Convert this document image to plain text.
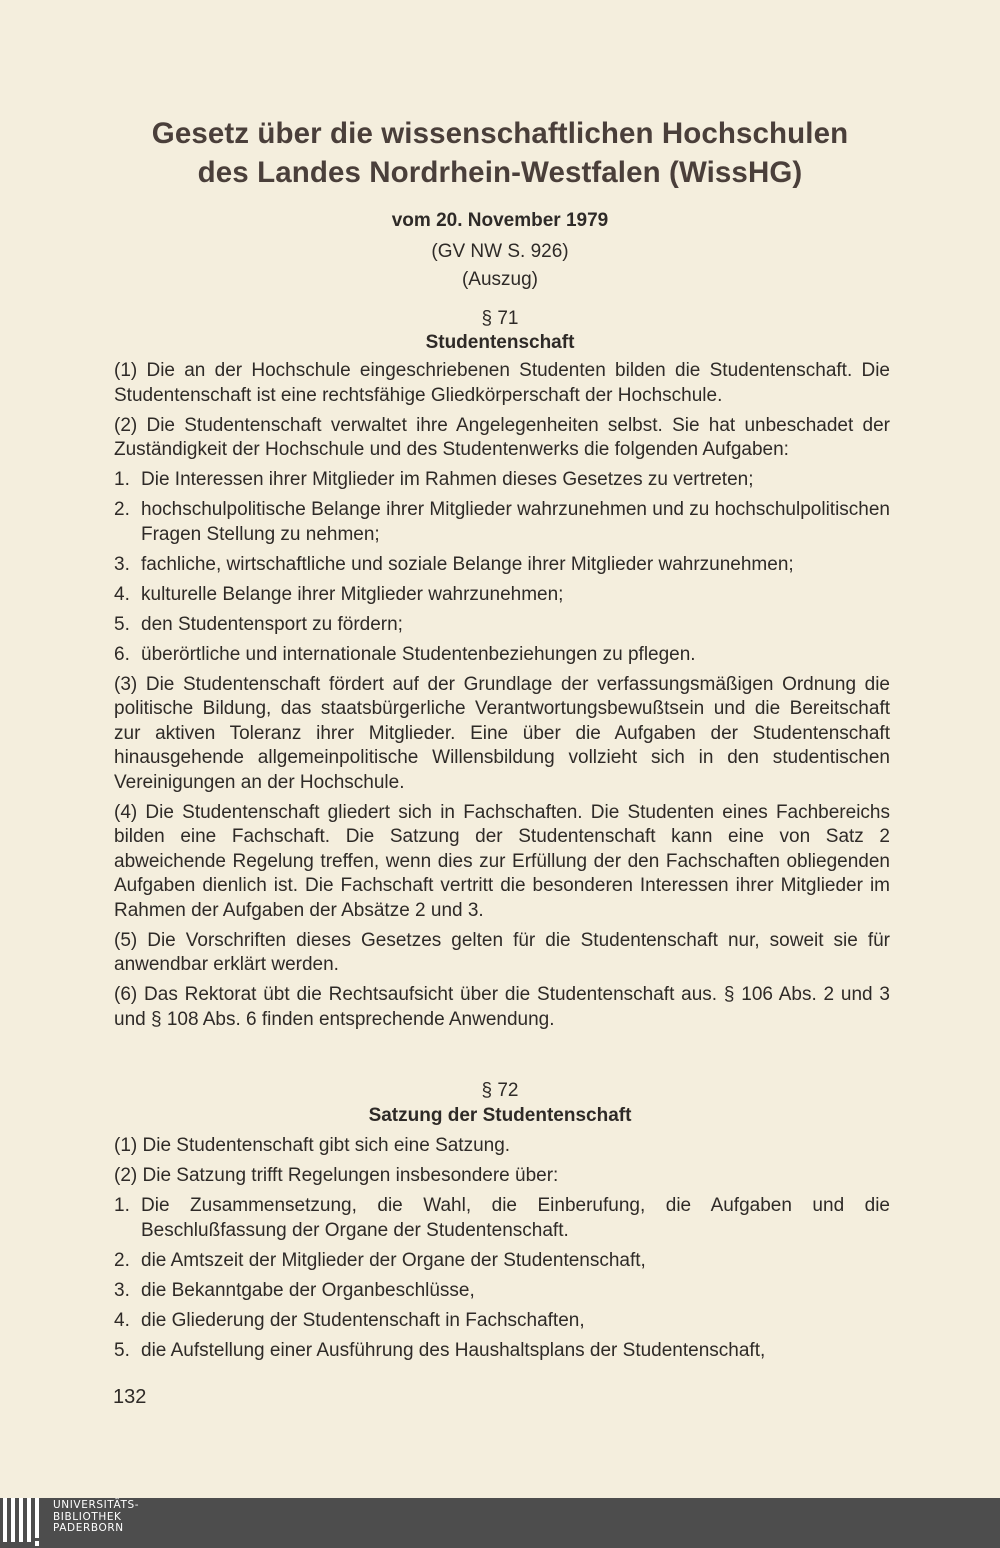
Gesetz über die wissenschaftlichen Hochschulen
des Landes Nordrhein-Westfalen (WissHG)
vom 20. November 1979
(GV NW S. 926)
(Auszug)
§ 71
Studentenschaft

(1) Die an der Hochschule eingeschriebenen Studenten bilden die Studentenschaft. Die Studentenschaft ist eine rechtsfähige Gliedkörperschaft der Hochschule.

(2) Die Studentenschaft verwaltet ihre Angelegenheiten selbst. Sie hat unbeschadet der Zuständigkeit der Hochschule und des Studentenwerks die folgenden Aufgaben:

1. Die Interessen ihrer Mitglieder im Rahmen dieses Gesetzes zu vertreten;
2. hochschulpolitische Belange ihrer Mitglieder wahrzunehmen und zu hochschulpolitischen Fragen Stellung zu nehmen;
3. fachliche, wirtschaftliche und soziale Belange ihrer Mitglieder wahrzunehmen;
4. kulturelle Belange ihrer Mitglieder wahrzunehmen;
5. den Studentensport zu fördern;
6. überörtliche und internationale Studentenbeziehungen zu pflegen.

(3) Die Studentenschaft fördert auf der Grundlage der verfassungsmäßigen Ordnung die politische Bildung, das staatsbürgerliche Verantwortungsbewußtsein und die Bereitschaft zur aktiven Toleranz ihrer Mitglieder. Eine über die Aufgaben der Studentenschaft hinausgehende allgemeinpolitische Willensbildung vollzieht sich in den studentischen Vereinigungen an der Hochschule.

(4) Die Studentenschaft gliedert sich in Fachschaften. Die Studenten eines Fachbereichs bilden eine Fachschaft. Die Satzung der Studentenschaft kann eine von Satz 2 abweichende Regelung treffen, wenn dies zur Erfüllung der den Fachschaften obliegenden Aufgaben dienlich ist. Die Fachschaft vertritt die besonderen Interessen ihrer Mitglieder im Rahmen der Aufgaben der Absätze 2 und 3.

(5) Die Vorschriften dieses Gesetzes gelten für die Studentenschaft nur, soweit sie für anwendbar erklärt werden.

(6) Das Rektorat übt die Rechtsaufsicht über die Studentenschaft aus. § 106 Abs. 2 und 3 und § 108 Abs. 6 finden entsprechende Anwendung.

§ 72
Satzung der Studentenschaft

(1) Die Studentenschaft gibt sich eine Satzung.

(2) Die Satzung trifft Regelungen insbesondere über:

1. Die Zusammensetzung, die Wahl, die Einberufung, die Aufgaben und die Beschlußfassung der Organe der Studentenschaft.
2. die Amtszeit der Mitglieder der Organe der Studentenschaft,
3. die Bekanntgabe der Organbeschlüsse,
4. die Gliederung der Studentenschaft in Fachschaften,
5. die Aufstellung einer Ausführung des Haushaltsplans der Studentenschaft,
132
UNIVERSITÄTS-
BIBLIOTHEK
PADERBORN
